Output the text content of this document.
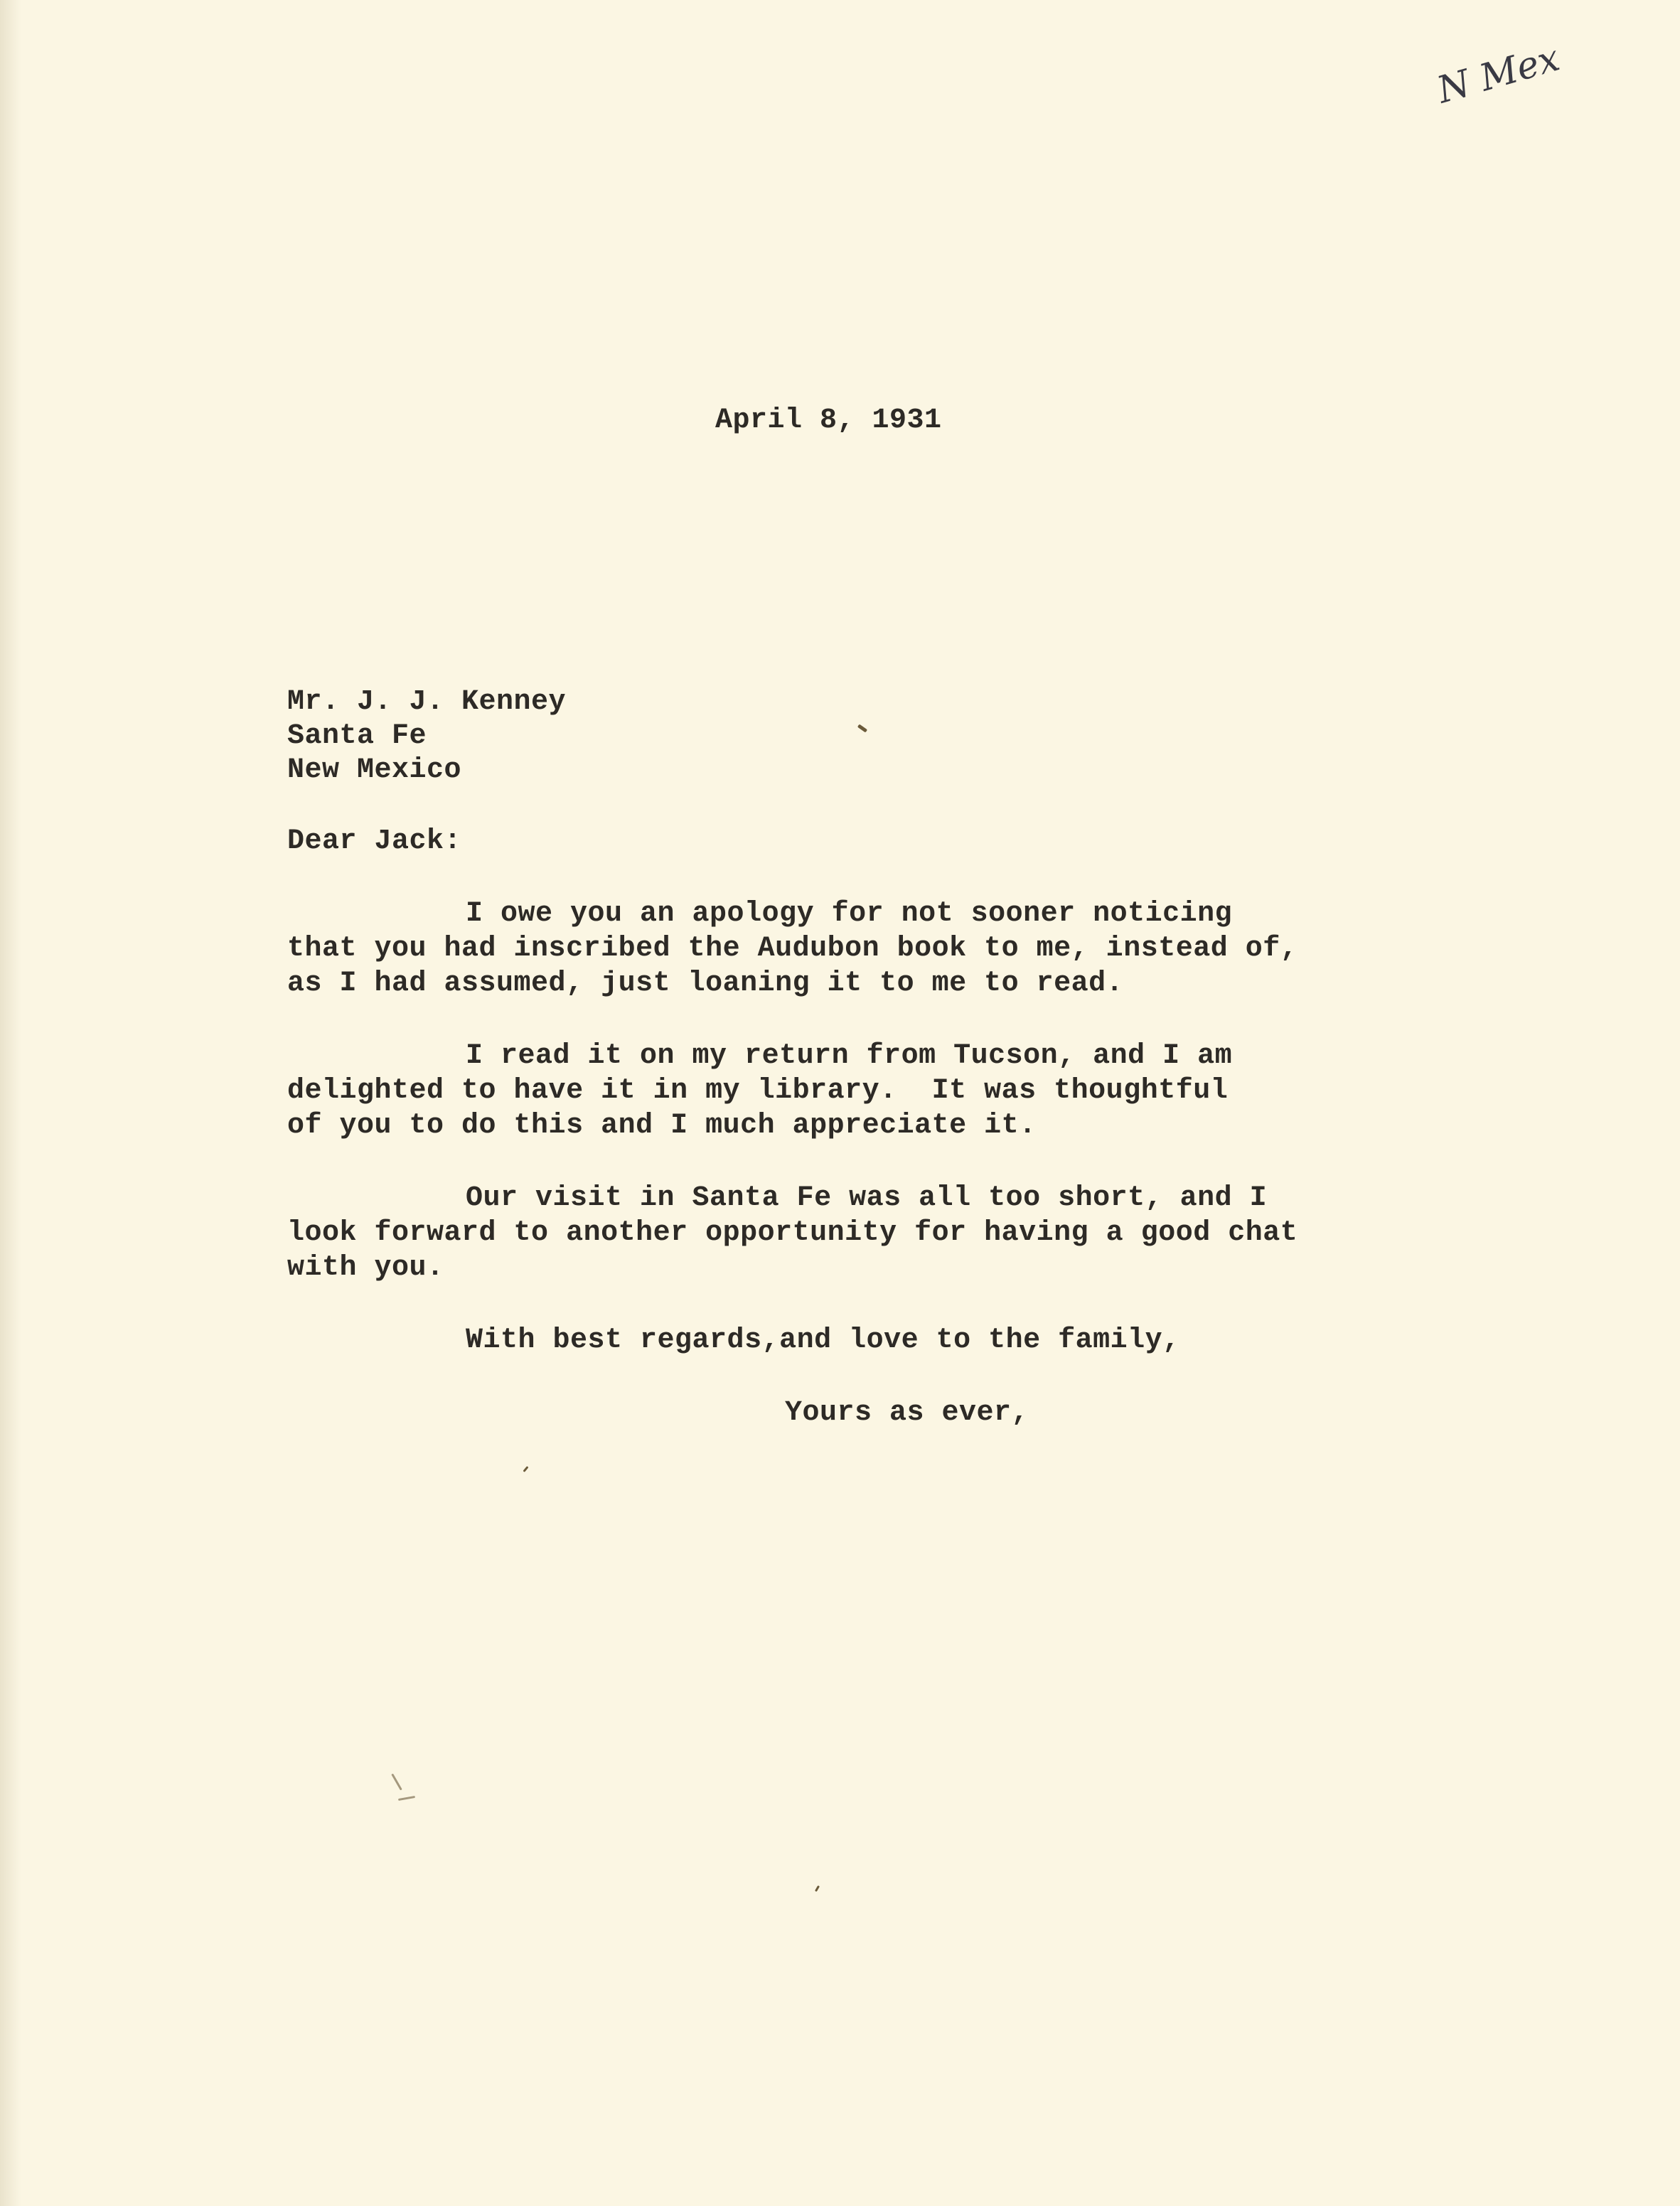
N Mex
April 8, 1931
Mr. J. J. Kenney
Santa Fe
New Mexico
Dear Jack:
I owe you an apology for not sooner noticing
that you had inscribed the Audubon book to me, instead of,
as I had assumed, just loaning it to me to read.
I read it on my return from Tucson, and I am
delighted to have it in my library.  It was thoughtful
of you to do this and I much appreciate it.
Our visit in Santa Fe was all too short, and I
look forward to another opportunity for having a good chat
with you.
With best regards,and love to the family,
Yours as ever,
